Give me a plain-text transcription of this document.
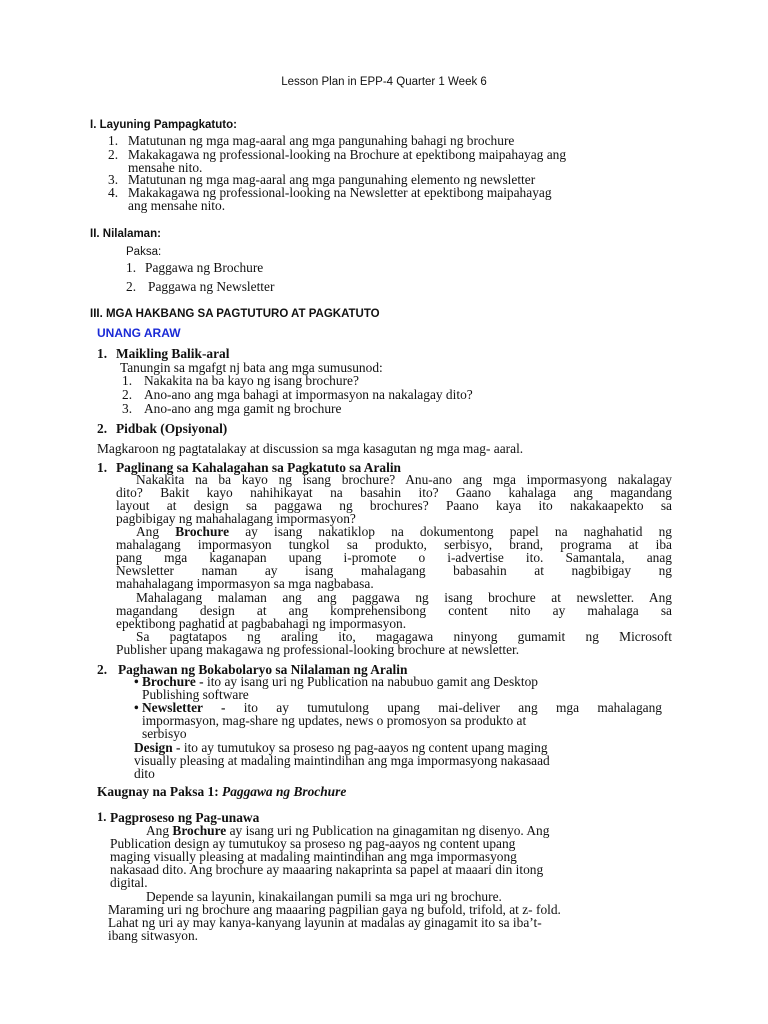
Lesson Plan in EPP-4 Quarter 1 Week 6
I. Layuning Pampagkatuto:
1. Matutunan ng mga mag-aaral ang mga pangunahing bahagi ng brochure
2. Makakagawa ng professional-looking na Brochure at epektibong maipahayag ang
mensahe nito.
3. Matutunan ng mga mag-aaral ang mga pangunahing elemento ng newsletter
4. Makakagawa ng professional-looking na Newsletter at epektibong maipahayag
ang mensahe nito.
II. Nilalaman:
Paksa:
1. Paggawa ng Brochure
2. Paggawa ng Newsletter
III. MGA HAKBANG SA PAGTUTURO AT PAGKATUTO
UNANG ARAW
1. Maikling Balik-aral
Tanungin sa mgafgt nj bata ang mga sumusunod:
1. Nakakita na ba kayo ng isang brochure?
2. Ano-ano ang mga bahagi at impormasyon na nakalagay dito?
3. Ano-ano ang mga gamit ng brochure
2. Pidbak (Opsiyonal)
Magkaroon ng pagtatalakay at discussion sa mga kasagutan ng mga mag- aaral.
1. Paglinang sa Kahalagahan sa Pagkatuto sa Aralin
Nakakita na ba kayo ng isang brochure? Anu-ano ang mga impormasyong nakalagay
dito? Bakit kayo nahihikayat na basahin ito? Gaano kahalaga ang magandang
layout at design sa paggawa ng brochures? Paano kaya ito nakakaapekto sa
pagbibigay ng mahahalagang impormasyon?
Ang Brochure ay isang nakatiklop na dokumentong papel na naghahatid ng
mahalagang impormasyon tungkol sa produkto, serbisyo, brand, programa at iba
pang mga kaganapan upang i-promote o i-advertise ito. Samantala, anag
Newsletter naman ay isang mahalagang babasahin at nagbibigay ng
mahahalagang impormasyon sa mga nagbabasa.
Mahalagang malaman ang ang paggawa ng isang brochure at newsletter. Ang
magandang design at ang komprehensibong content nito ay mahalaga sa
epektibong paghatid at pagbabahagi ng impormasyon.
Sa pagtatapos ng araling ito, magagawa ninyong gumamit ng Microsoft
Publisher upang makagawa ng professional-looking brochure at newsletter.
2. Paghawan ng Bokabolaryo sa Nilalaman ng Aralin
• Brochure - ito ay isang uri ng Publication na nabubuo gamit ang Desktop
Publishing software
• Newsletter - ito ay tumutulong upang mai-deliver ang mga mahalagang
impormasyon, mag-share ng updates, news o promosyon sa produkto at
serbisyo
Design - ito ay tumutukoy sa proseso ng pag-aayos ng content upang maging
visually pleasing at madaling maintindihan ang mga impormasyong nakasaad
dito
Kaugnay na Paksa 1: Paggawa ng Brochure
1. Pagproseso ng Pag-unawa
Ang Brochure ay isang uri ng Publication na ginagamitan ng disenyo. Ang
Publication design ay tumutukoy sa proseso ng pag-aayos ng content upang
maging visually pleasing at madaling maintindihan ang mga impormasyong
nakasaad dito. Ang brochure ay maaaring nakaprinta sa papel at maaari din itong
digital.
Depende sa layunin, kinakailangan pumili sa mga uri ng brochure.
Maraming uri ng brochure ang maaaring pagpilian gaya ng bufold, trifold, at z- fold.
Lahat ng uri ay may kanya-kanyang layunin at madalas ay ginagamit ito sa iba’t-
ibang sitwasyon.
